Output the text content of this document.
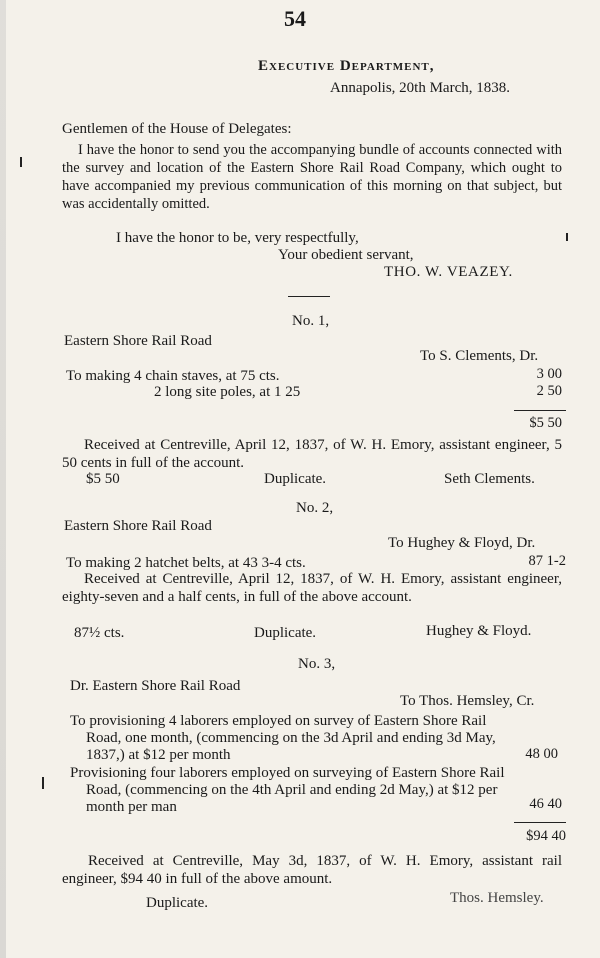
54
Executive Department,
Annapolis, 20th March, 1838.
Gentlemen of the House of Delegates:
I have the honor to send you the accompanying bundle of accounts connected with the survey and location of the Eastern Shore Rail Road Company, which ought to have accompanied my previous communication of this morning on that subject, but was accidentally omitted.
I have the honor to be, very respectfully,
Your obedient servant,
THO. W. VEAZEY.
No. 1,
Eastern Shore Rail Road
To S. Clements, Dr.
To making 4 chain staves, at 75 cts.	3 00
2 long site poles, at 1 25	2 50
$5 50
Received at Centreville, April 12, 1837, of W. H. Emory, assistant engineer, 5 50 cents in full of the account.
$5 50	Duplicate.	Seth Clements.
No. 2,
Eastern Shore Rail Road
To Hughey & Floyd, Dr.
To making 2 hatchet belts, at 43 3-4 cts.	87 1-2
Received at Centreville, April 12, 1837, of W. H. Emory, assistant engineer, eighty-seven and a half cents, in full of the above account.
87½ cts.	Duplicate.	Hughey & Floyd.
No. 3,
Dr. Eastern Shore Rail Road
To Thos. Hemsley, Cr.
To provisioning 4 laborers employed on survey of Eastern Shore Rail Road, one month, (commencing on the 3d April and ending 3d May, 1837,) at $12 per month	48 00
Provisioning four laborers employed on surveying of Eastern Shore Rail Road, (commencing on the 4th April and ending 2d May,) at $12 per month per man	46 40
$94 40
Received at Centreville, May 3d, 1837, of W. H. Emory, assistant rail engineer, $94 40 in full of the above amount.
Duplicate.	Thos. Hemsley.
